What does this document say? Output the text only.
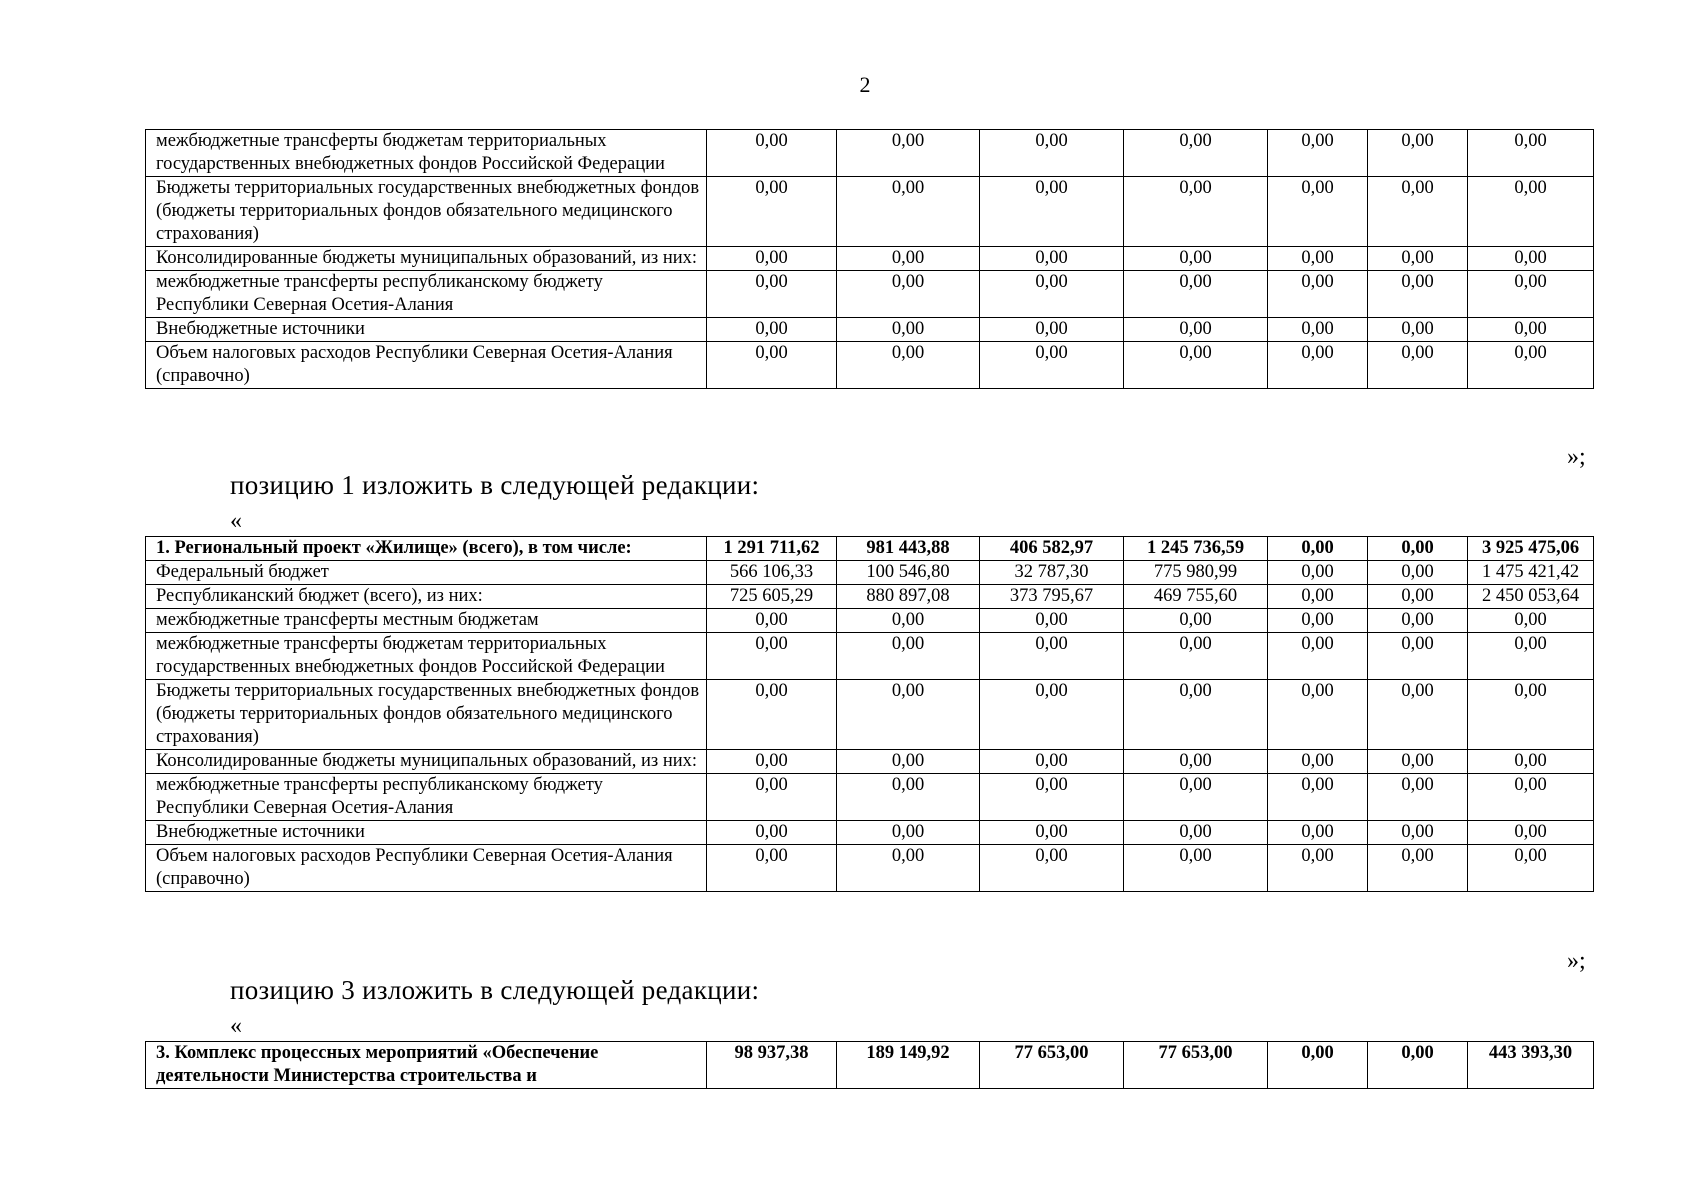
2
межбюджетные трансферты бюджетам территориальных государственных внебюджетных фондов Российской Федерации	0,00	0,00	0,00	0,00	0,00	0,00	0,00
Бюджеты территориальных государственных внебюджетных фондов (бюджеты территориальных фондов обязательного медицинского страхования)	0,00	0,00	0,00	0,00	0,00	0,00	0,00
Консолидированные бюджеты муниципальных образований, из них:	0,00	0,00	0,00	0,00	0,00	0,00	0,00
межбюджетные трансферты республиканскому бюджету Республики Северная Осетия-Алания	0,00	0,00	0,00	0,00	0,00	0,00	0,00
Внебюджетные источники	0,00	0,00	0,00	0,00	0,00	0,00	0,00
Объем налоговых расходов Республики Северная Осетия-Алания (справочно)	0,00	0,00	0,00	0,00	0,00	0,00	0,00
»;
позицию 1 изложить в следующей редакции:
«
1. Региональный проект «Жилище» (всего), в том числе:	1 291 711,62	981 443,88	406 582,97	1 245 736,59	0,00	0,00	3 925 475,06
Федеральный бюджет	566 106,33	100 546,80	32 787,30	775 980,99	0,00	0,00	1 475 421,42
Республиканский бюджет (всего), из них:	725 605,29	880 897,08	373 795,67	469 755,60	0,00	0,00	2 450 053,64
межбюджетные трансферты местным бюджетам	0,00	0,00	0,00	0,00	0,00	0,00	0,00
межбюджетные трансферты бюджетам территориальных государственных внебюджетных фондов Российской Федерации	0,00	0,00	0,00	0,00	0,00	0,00	0,00
Бюджеты территориальных государственных внебюджетных фондов (бюджеты территориальных фондов обязательного медицинского страхования)	0,00	0,00	0,00	0,00	0,00	0,00	0,00
Консолидированные бюджеты муниципальных образований, из них:	0,00	0,00	0,00	0,00	0,00	0,00	0,00
межбюджетные трансферты республиканскому бюджету Республики Северная Осетия-Алания	0,00	0,00	0,00	0,00	0,00	0,00	0,00
Внебюджетные источники	0,00	0,00	0,00	0,00	0,00	0,00	0,00
Объем налоговых расходов Республики Северная Осетия-Алания (справочно)	0,00	0,00	0,00	0,00	0,00	0,00	0,00
»;
позицию 3 изложить в следующей редакции:
«
3. Комплекс процессных мероприятий «Обеспечение деятельности Министерства строительства и	98 937,38	189 149,92	77 653,00	77 653,00	0,00	0,00	443 393,30
